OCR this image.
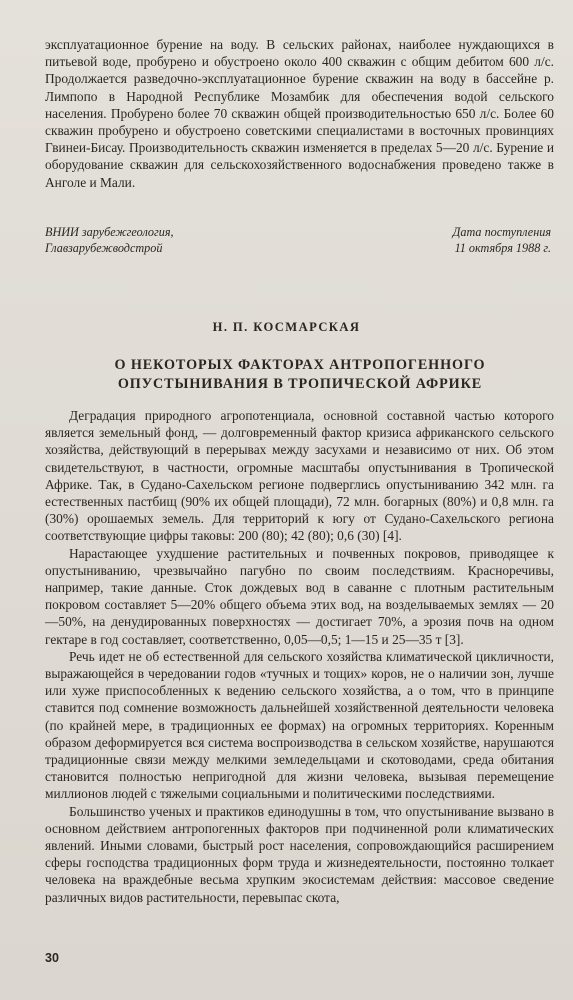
эксплуатационное бурение на воду. В сельских районах, наиболее нуждающихся в питьевой воде, пробурено и обустроено около 400 скважин с общим дебитом 600 л/с. Продолжается разведочно-эксплуатационное бурение скважин на воду в бассейне р. Лимпопо в Народной Республике Мозамбик для обеспечения водой сельского населения. Пробурено более 70 скважин общей производительностью 650 л/с. Более 60 скважин пробурено и обустроено советскими специалистами в восточных провинциях Гвинеи-Бисау. Производительность скважин изменяется в пределах 5—20 л/с. Бурение и оборудование скважин для сельскохозяйственного водоснабжения проведено также в Анголе и Мали.

ВНИИ зарубежгеология,
Главзарубежводстрой
Дата поступления
11 октября 1988 г.
Н. П. КОСМАРСКАЯ
О НЕКОТОРЫХ ФАКТОРАХ АНТРОПОГЕННОГО
ОПУСТЫНИВАНИЯ В ТРОПИЧЕСКОЙ АФРИКЕ

Деградация природного агропотенциала, основной составной частью которого является земельный фонд, — долговременный фактор кризиса африканского сельского хозяйства, действующий в перерывах между засухами и независимо от них. Об этом свидетельствуют, в частности, огромные масштабы опустынивания в Тропической Африке. Так, в Судано-Сахельском регионе подверглись опустыниванию 342 млн. га естественных пастбищ (90% их общей площади), 72 млн. богарных (80%) и 0,8 млн. га (30%) орошаемых земель. Для территорий к югу от Судано-Сахельского региона соответствующие цифры таковы: 200 (80); 42 (80); 0,6 (30) [4].

Нарастающее ухудшение растительных и почвенных покровов, приводящее к опустыниванию, чрезвычайно пагубно по своим последствиям. Красноречивы, например, такие данные. Сток дождевых вод в саванне с плотным растительным покровом составляет 5—20% общего объема этих вод, на возделываемых землях — 20—50%, на денудированных поверхностях — достигает 70%, а эрозия почв на одном гектаре в год составляет, соответственно, 0,05—0,5; 1—15 и 25—35 т [3].

Речь идет не об естественной для сельского хозяйства климатической цикличности, выражающейся в чередовании годов «тучных и тощих» коров, не о наличии зон, лучше или хуже приспособленных к ведению сельского хозяйства, а о том, что в принципе ставится под сомнение возможность дальнейшей хозяйственной деятельности человека (по крайней мере, в традиционных ее формах) на огромных территориях. Коренным образом деформируется вся система воспроизводства в сельском хозяйстве, нарушаются традиционные связи между мелкими земледельцами и скотоводами, среда обитания становится полностью непригодной для жизни человека, вызывая перемещение миллионов людей с тяжелыми социальными и политическими последствиями.

Большинство ученых и практиков единодушны в том, что опустынивание вызвано в основном действием антропогенных факторов при подчиненной роли климатических явлений. Иными словами, быстрый рост населения, сопровождающийся расширением сферы господства традиционных форм труда и жизнедеятельности, постоянно толкает человека на враждебные весьма хрупким экосистемам действия: массовое сведение различных видов растительности, перевыпас скота,

30
